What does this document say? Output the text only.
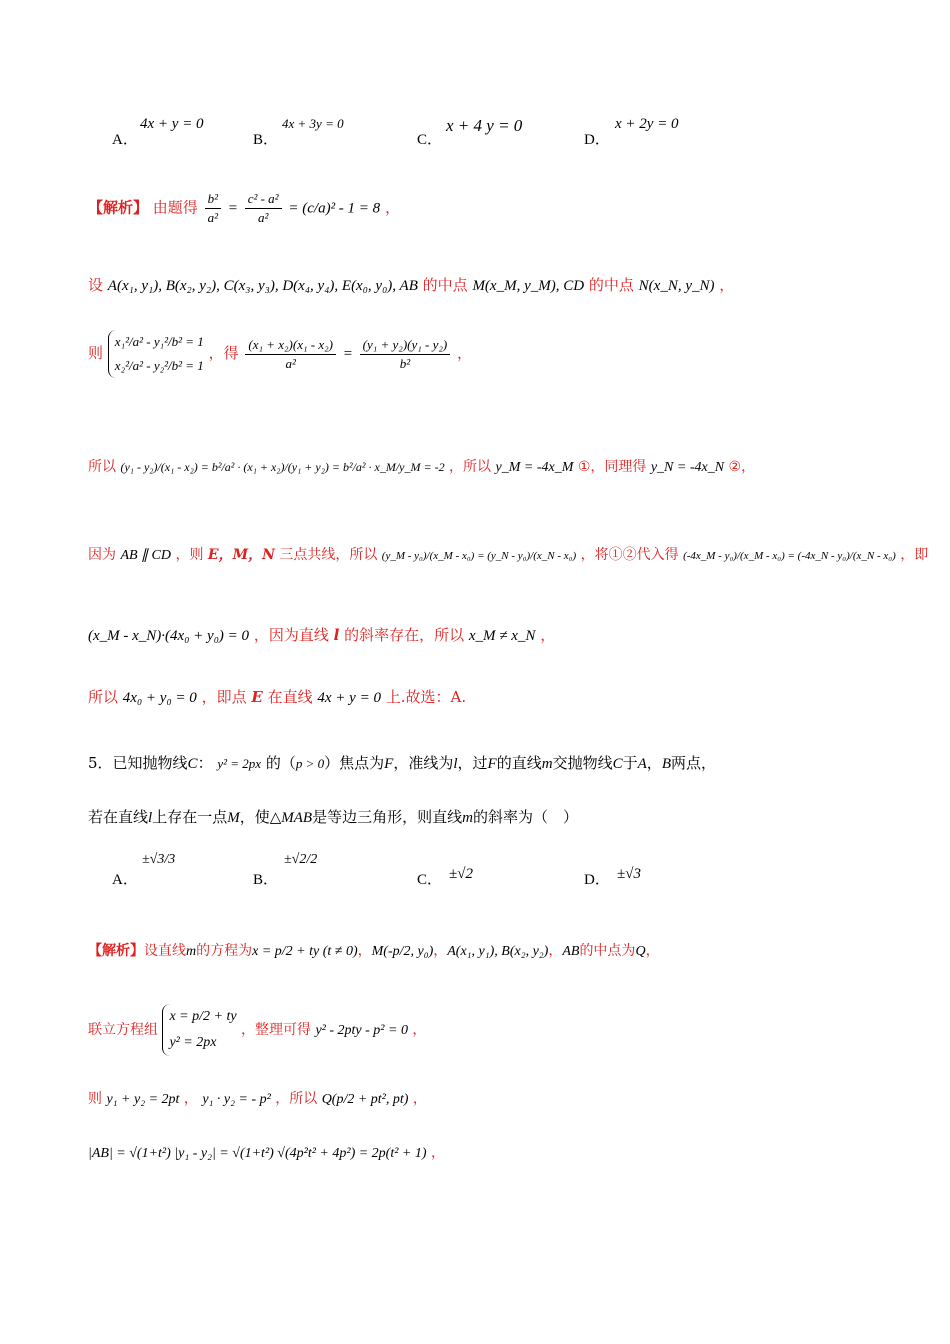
A．
4x + y = 0
B．
4x + 3y = 0
C．
x + 4 y = 0
D．
x + 2y = 0
【解析】 由题得 $\frac{\text{b²}}{\text{a²}} = \frac{\text{c² - a²}}{\text{a²}} = (c/a)^2 - 1 = 8$ ，
设 A(x₁, y₁), B(x₂, y₂), C(x₃, y₃), D(x₄, y₄), E(x₀, y₀), AB 的中点 M(x_M, y_M), CD 的中点 N(x_N, y_N) ，
则
x₁²/a² - y₁²/b² = 1
x₂²/a² - y₂²/b² = 1
，得 $\frac{\text{(x₁ + x₂)(x₁ - x₂)}}{\text{a²}} = \frac{\text{(y₁ + y₂)(y₁ - y₂)}}{\text{b²}}$ ，
所以 (y₁ - y₂)/(x₁ - x₂) = b²/a² · (x₁ + x₂)/(y₁ + y₂) = b²/a² · x_M/y_M = -2 ，所以 y_M = -4x_M ①，同理得 y_N = -4x_N ②，
因为 AB ∥ CD ，则 E，M，N 三点共线，所以 (y_M - y₀)/(x_M - x₀) = (y_N - y₀)/(x_N - x₀) ，将①②代入得 (-4x_M - y₀)/(x_M - x₀) = (-4x_N - y₀)/(x_N - x₀) ，即
(x_M - x_N)·(4x₀ + y₀) = 0 ，因为直线 l 的斜率存在，所以 x_M ≠ x_N ，
所以 4x₀ + y₀ = 0 ，即点 E 在直线 4x + y = 0 上.故选：A.
5．已知抛物线C： y² = 2px 的（p > 0）焦点为F，准线为l，过F的直线m交抛物线C于A，B两点，
若在直线l上存在一点M，使△MAB是等边三角形，则直线m的斜率为（　）
A．
±√3/3
B．
±√2/2
C． ±√2	D． ±√3
【解析】设直线m的方程为x = p/2 + ty (t ≠ 0)，M(-p/2, y₀)，A(x₁, y₁), B(x₂, y₂)，AB的中点为Q，
联立方程组
x = p/2 + ty
y² = 2px
，整理可得 y² - 2pty - p² = 0 ，
则 y₁ + y₂ = 2pt ， y₁ · y₂ = - p² ，所以 Q(p/2 + pt², pt) ，
|AB| = √(1+t²) |y₁ - y₂| = √(1+t²) √(4p²t² + 4p²) = 2p(t² + 1) ，
